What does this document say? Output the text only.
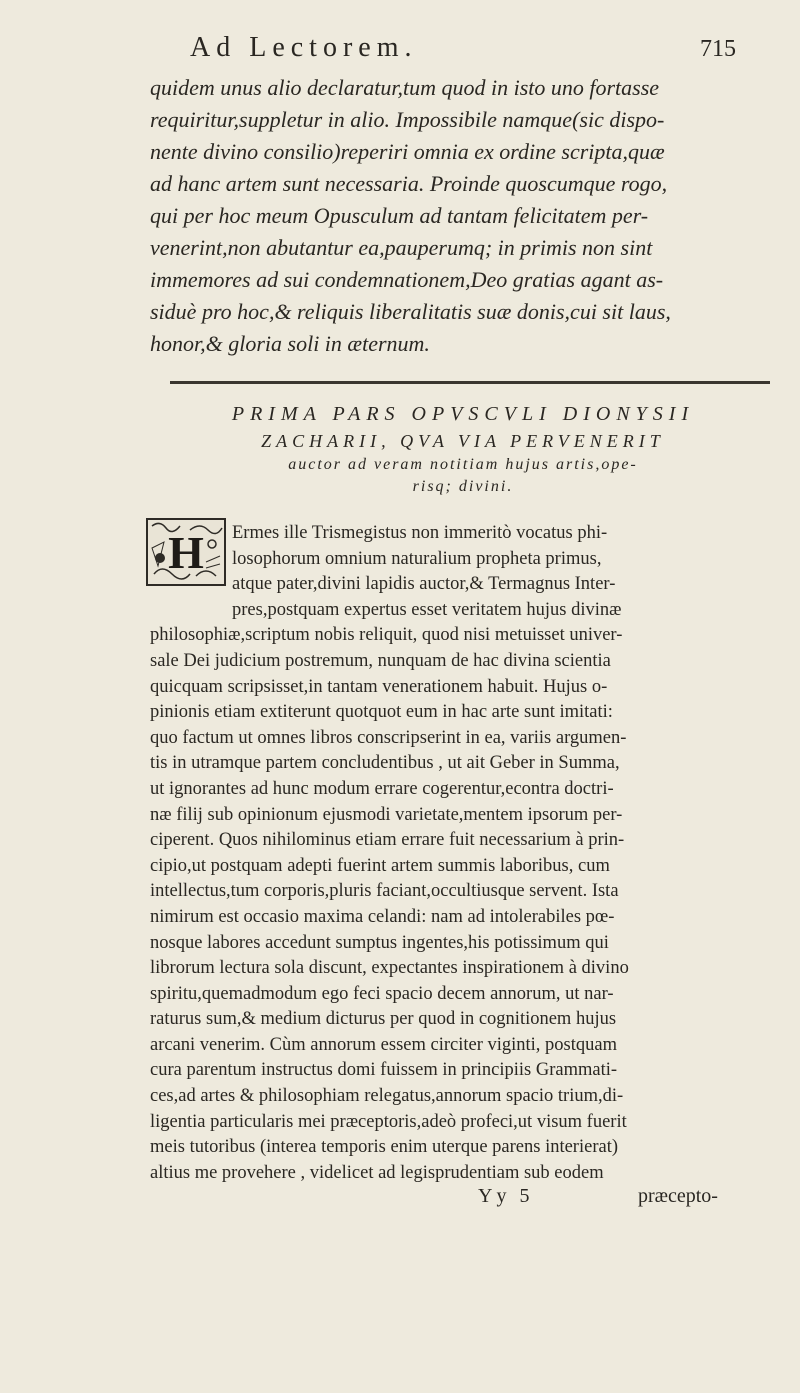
Ad Lectorem.	715
quidem unus alio declaratur,tum quod in isto uno fortasse
requiritur,suppletur in alio. Impossibile namque(sic dispo-
nente divino consilio)reperiri omnia ex ordine scripta,quæ
ad hanc artem sunt necessaria. Proinde quoscumque rogo,
qui per hoc meum Opusculum ad tantam felicitatem per-
venerint,non abutantur ea,pauperumq; in primis non sint
immemores ad sui condemnationem,Deo gratias agant as-
siduè pro hoc,& reliquis liberalitatis suæ donis,cui sit laus,
honor,& gloria soli in æternum.
PRIMA PARS OPVSCVLI DIONYSII
ZACHARII, QVA VIA PERVENERIT
auctor ad veram notitiam hujus artis,ope-
risq; divini.
H	Ermes ille Trismegistus non immeritò vocatus phi-
losophorum omnium naturalium propheta primus,
atque pater,divini lapidis auctor,& Termagnus Inter-
pres,postquam expertus esset veritatem hujus divinæ
philosophiæ,scriptum nobis reliquit, quod nisi metuisset univer-
sale Dei judicium postremum, nunquam de hac divina scientia
quicquam scripsisset,in tantam venerationem habuit. Hujus o-
pinionis etiam extiterunt quotquot eum in hac arte sunt imitati:
quo factum ut omnes libros conscripserint in ea, variis argumen-
tis in utramque partem concludentibus , ut ait Geber in Summa,
ut ignorantes ad hunc modum errare cogerentur,econtra doctri-
næ filij sub opinionum ejusmodi varietate,mentem ipsorum per-
ciperent. Quos nihilominus etiam errare fuit necessarium à prin-
cipio,ut postquam adepti fuerint artem summis laboribus, cum
intellectus,tum corporis,pluris faciant,occultiusque servent. Ista
nimirum est occasio maxima celandi: nam ad intolerabiles pœ-
nosque labores accedunt sumptus ingentes,his potissimum qui
librorum lectura sola discunt, expectantes inspirationem à divino
spiritu,quemadmodum ego feci spacio decem annorum, ut nar-
raturus sum,& medium dicturus per quod in cognitionem hujus
arcani venerim. Cùm annorum essem circiter viginti, postquam
cura parentum instructus domi fuissem in principiis Grammati-
ces,ad artes & philosophiam relegatus,annorum spacio trium,di-
ligentia particularis mei præceptoris,adeò profeci,ut visum fuerit
meis tutoribus (interea temporis enim uterque parens interierat)
altius me provehere , videlicet ad legisprudentiam sub eodem
Yy 5	præcepto-
